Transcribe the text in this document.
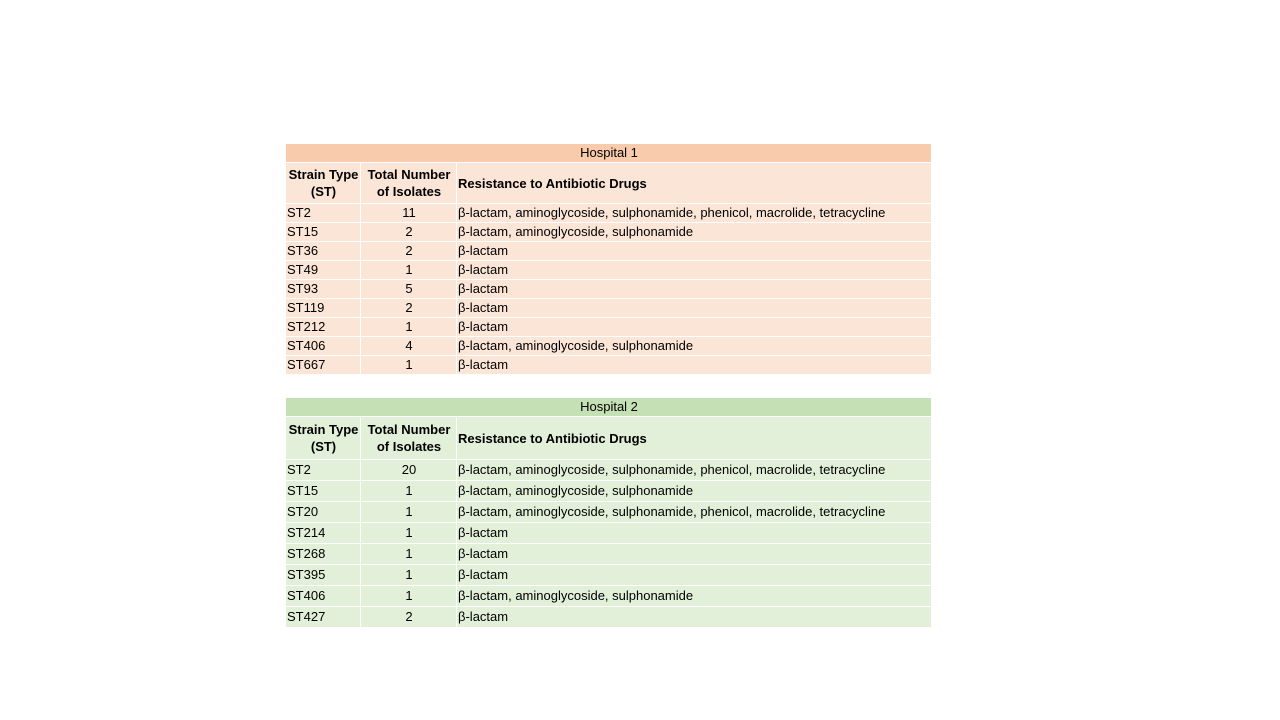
Hospital 1		
Strain Type (ST)	Total Number of Isolates	Resistance to Antibiotic Drugs
ST2	11	β-lactam, aminoglycoside, sulphonamide, phenicol, macrolide, tetracycline
ST15	2	β-lactam, aminoglycoside, sulphonamide
ST36	2	β-lactam
ST49	1	β-lactam
ST93	5	β-lactam
ST119	2	β-lactam
ST212	1	β-lactam
ST406	4	β-lactam, aminoglycoside, sulphonamide
ST667	1	β-lactam
Hospital 2		
Strain Type (ST)	Total Number of Isolates	Resistance to Antibiotic Drugs
ST2	20	β-lactam, aminoglycoside, sulphonamide, phenicol, macrolide, tetracycline
ST15	1	β-lactam, aminoglycoside, sulphonamide
ST20	1	β-lactam, aminoglycoside, sulphonamide, phenicol, macrolide, tetracycline
ST214	1	β-lactam
ST268	1	β-lactam
ST395	1	β-lactam
ST406	1	β-lactam, aminoglycoside, sulphonamide
ST427	2	β-lactam
